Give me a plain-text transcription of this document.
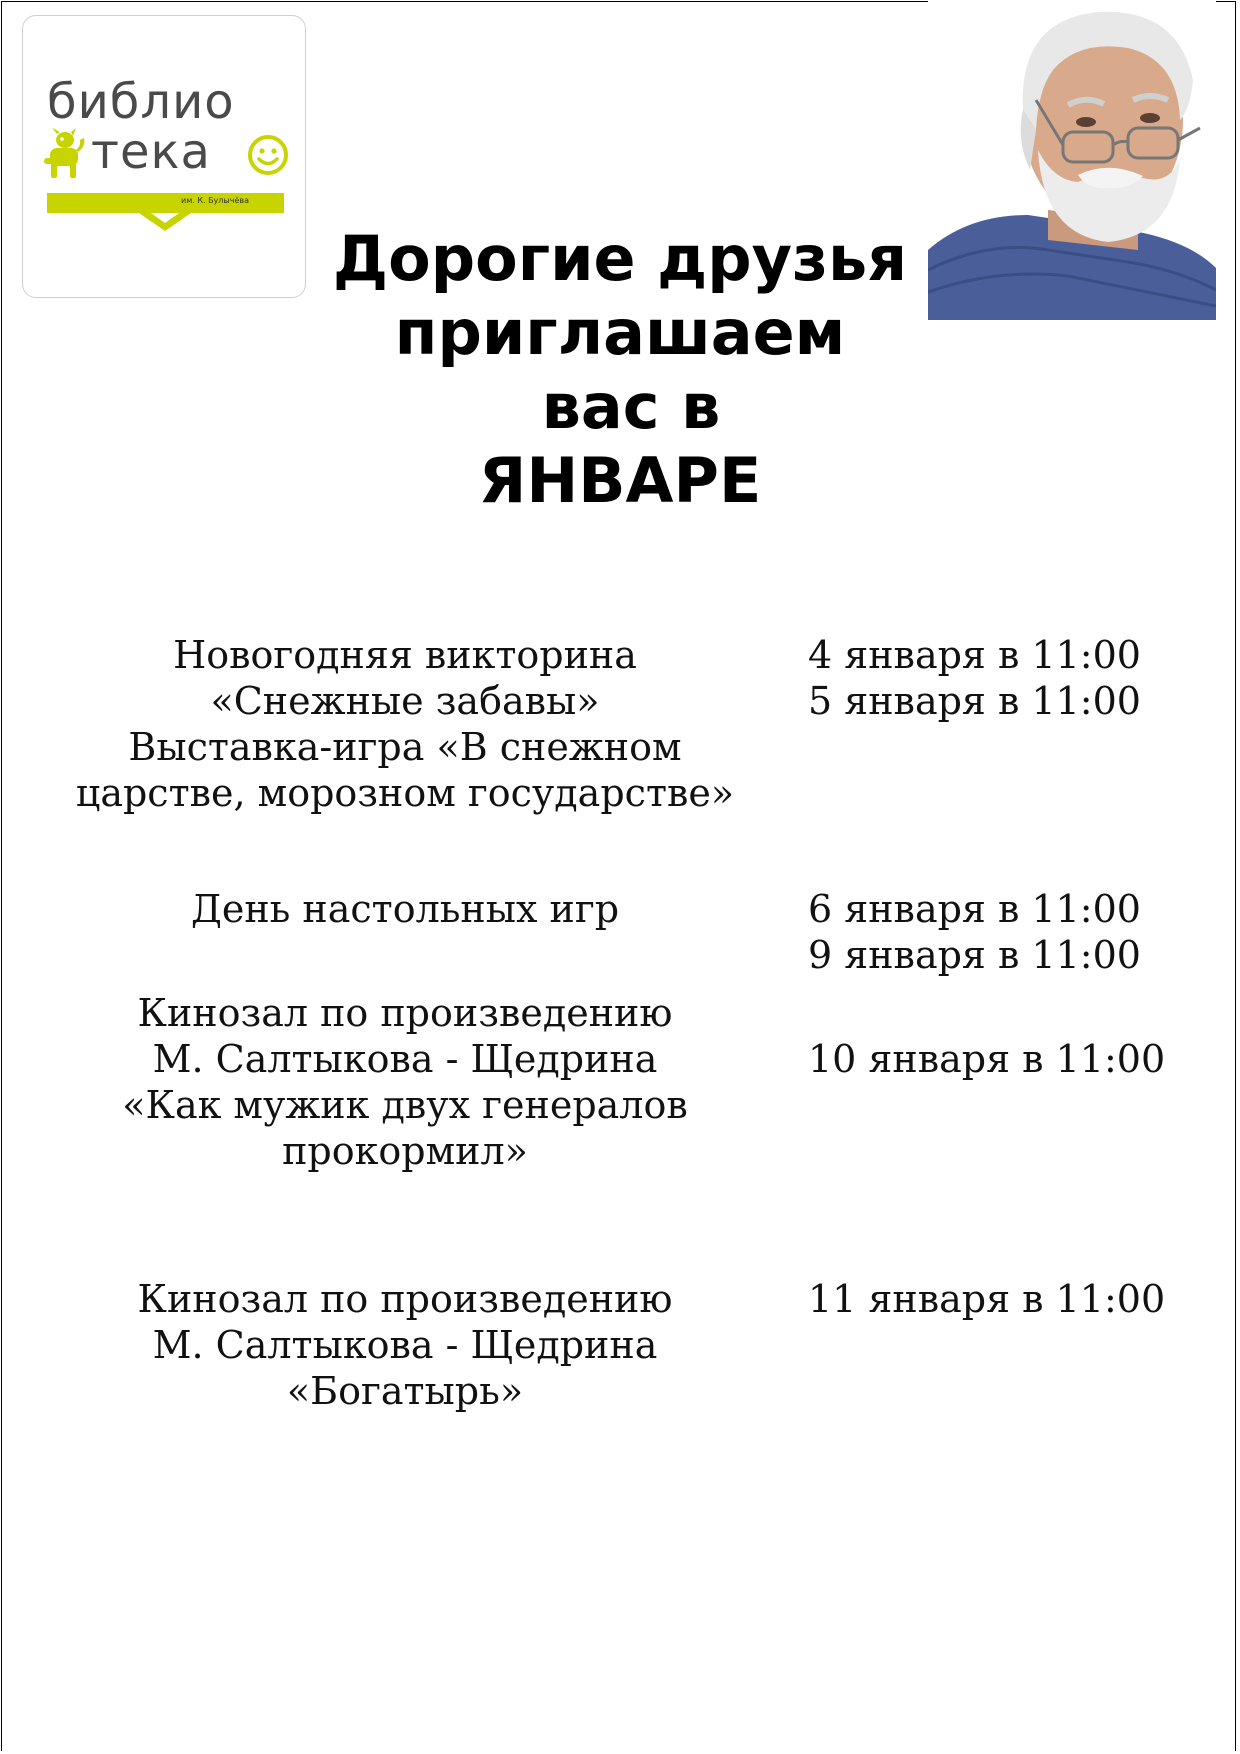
библио
тека
им. К. Булычёва
Дорогие друзья
приглашаем
вас в
ЯНВАРЕ
Новогодняя викторина
«Снежные забавы»
Выставка-игра «В снежном
царстве, морозном государстве»
4 января в 11:00
5 января в 11:00
День настольных игр	6 января в 11:00
9 января в 11:00
Кинозал по произведению
М. Салтыкова - Щедрина
«Как мужик двух генералов
прокормил»
10 января в 11:00
Кинозал по произведению
М. Салтыкова - Щедрина
«Богатырь»
11 января в 11:00
